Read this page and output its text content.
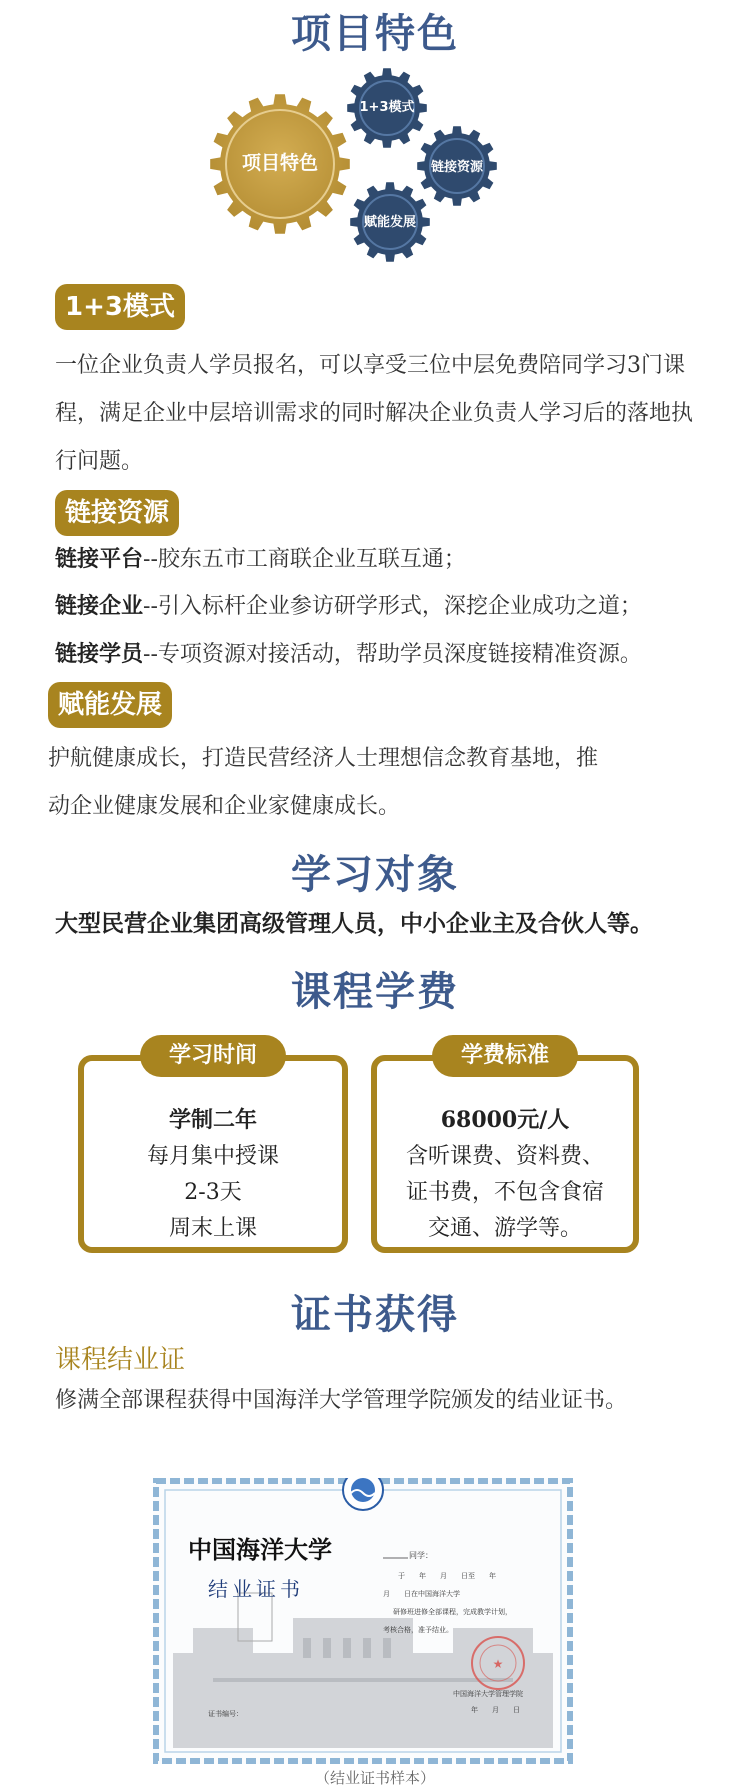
项目特色
项目特色
1+3模式
链接资源
赋能发展
1+3模式
一位企业负责人学员报名，可以享受三位中层免费陪同学习3门课程，满足企业中层培训需求的同时解决企业负责人学习后的落地执行问题。
链接资源
链接平台--胶东五市工商联企业互联互通；
链接企业--引入标杆企业参访研学形式，深挖企业成功之道；
链接学员--专项资源对接活动，帮助学员深度链接精准资源。
赋能发展
护航健康成长，打造民营经济人士理想信念教育基地，推
动企业健康发展和企业家健康成长。
学习对象
大型民营企业集团高级管理人员，中小企业主及合伙人等。
课程学费
学制二年
每月集中授课
2-3天
周末上课
学习时间
68000元/人
含听课费、资料费、
证书费，不包含食宿
交通、游学等。
学费标准
证书获得
课程结业证
修满全部课程获得中国海洋大学管理学院颁发的结业证书。
★
中国海洋大学
结业证书
同学：
于　　年　　月　　日至　　年
月　　日在中国海洋大学
研修班进修全部课程，完成教学计划，
考核合格，准予结业。
中国海洋大学管理学院
年　　月　　日
证书编号：
（结业证书样本）
